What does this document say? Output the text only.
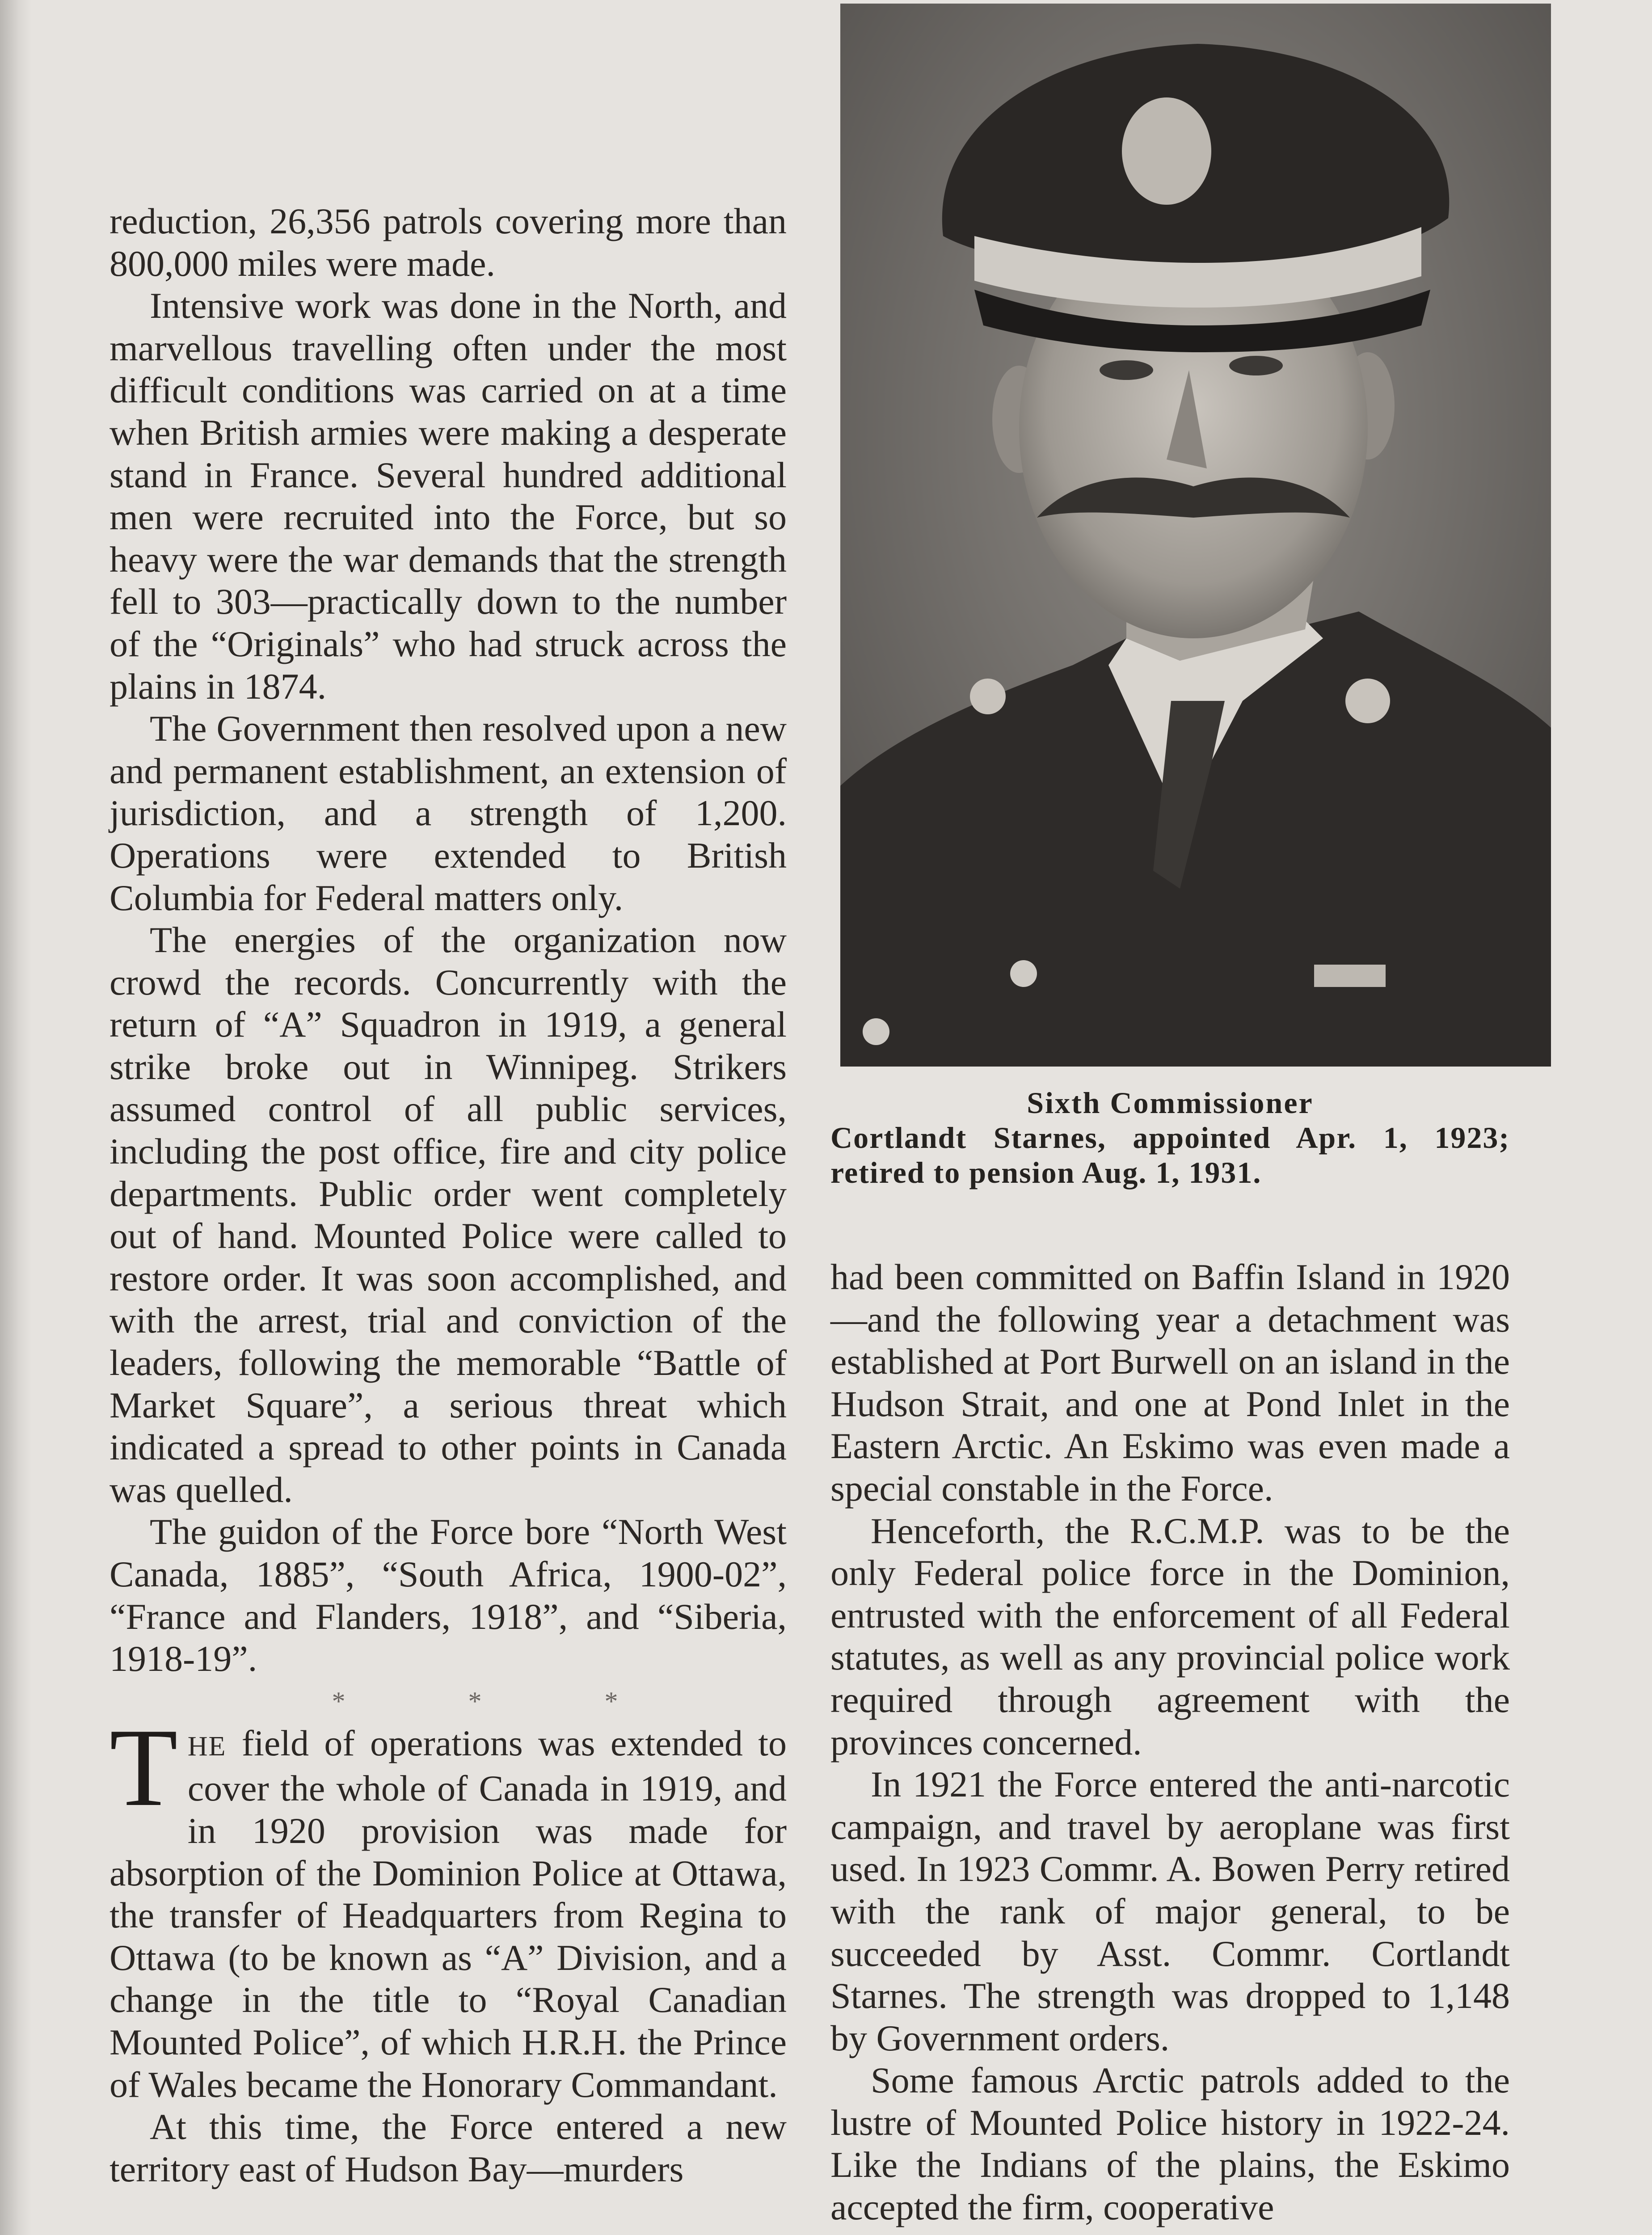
reduction, 26,356 patrols covering more than 800,000 miles were made.

Intensive work was done in the North, and marvellous travelling often under the most difficult conditions was carried on at a time when British armies were making a desperate stand in France. Several hundred additional men were recruited into the Force, but so heavy were the war demands that the strength fell to 303—practically down to the number of the “Originals” who had struck across the plains in 1874.

The Government then resolved upon a new and permanent establishment, an extension of jurisdiction, and a strength of 1,200. Operations were extended to British Columbia for Federal matters only.

The energies of the organization now crowd the records. Concurrently with the return of “A” Squadron in 1919, a general strike broke out in Winnipeg. Strikers assumed control of all public services, including the post office, fire and city police departments. Public order went completely out of hand. Mounted Police were called to restore order. It was soon accomplished, and with the arrest, trial and conviction of the leaders, following the memorable “Battle of Market Square”, a serious threat which indicated a spread to other points in Canada was quelled.

The guidon of the Force bore “North West Canada, 1885”, “South Africa, 1900-02”, “France and Flanders, 1918”, and “Siberia, 1918-19”.

* * *

THE field of operations was extended to cover the whole of Canada in 1919, and in 1920 provision was made for absorption of the Dominion Police at Ottawa, the transfer of Headquarters from Regina to Ottawa (to be known as “A” Division, and a change in the title to “Royal Canadian Mounted Police”, of which H.R.H. the Prince of Wales became the Honorary Commandant.

At this time, the Force entered a new territory east of Hudson Bay—murders

Sixth Commissioner
Cortlandt Starnes, appointed Apr. 1, 1923; retired to pension Aug. 1, 1931.

had been committed on Baffin Island in 1920—and the following year a detachment was established at Port Burwell on an island in the Hudson Strait, and one at Pond Inlet in the Eastern Arctic. An Eskimo was even made a special constable in the Force.

Henceforth, the R.C.M.P. was to be the only Federal police force in the Dominion, entrusted with the enforcement of all Federal statutes, as well as any provincial police work required through agreement with the provinces concerned.

In 1921 the Force entered the anti-narcotic campaign, and travel by aeroplane was first used. In 1923 Commr. A. Bowen Perry retired with the rank of major general, to be succeeded by Asst. Commr. Cortlandt Starnes. The strength was dropped to 1,148 by Government orders.

Some famous Arctic patrols added to the lustre of Mounted Police history in 1922-24. Like the Indians of the plains, the Eskimo accepted the firm, cooperative
